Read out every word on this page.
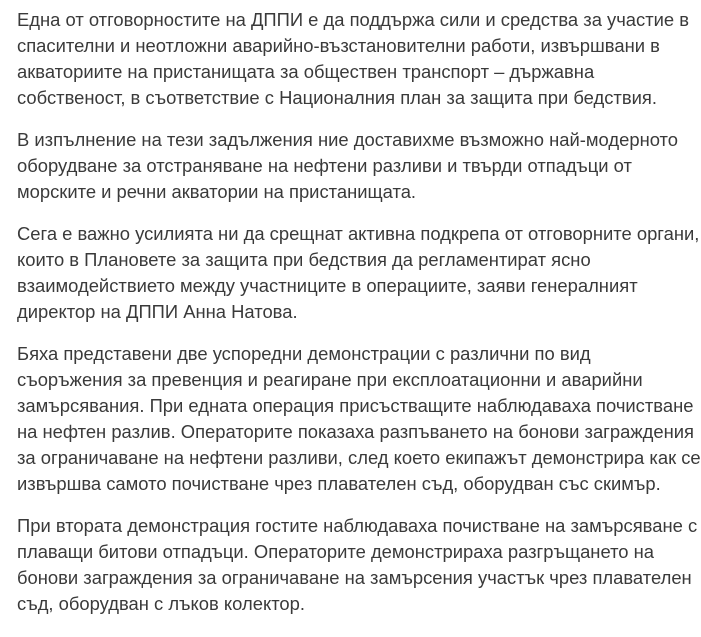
Една от отговорностите на ДППИ е да поддържа сили и средства за участие в спасителни и неотложни аварийно-възстановителни работи, извършвани в акваториите на пристанищата за обществен транспорт – държавна собственост, в съответствие с Националния план за защита при бедствия.

В изпълнение на тези задължения ние доставихме възможно най-модерното оборудване за отстраняване на нефтени разливи и твърди отпадъци от морските и речни акватории на пристанищата.

Сега е важно усилията ни да срещнат активна подкрепа от отговорните органи, които в Плановете за защита при бедствия да регламентират ясно взаимодействието между участниците в операциите, заяви генералният директор на ДППИ Анна Натова.

Бяха представени две успоредни демонстрации с различни по вид съоръжения за превенция и реагиране при експлоатационни и аварийни замърсявания. При едната операция присъстващите наблюдаваха почистване на нефтен разлив. Операторите показаха разпъването на бонови заграждения за ограничаване на нефтени разливи, след което екипажът демонстрира как се извършва самото почистване чрез плавателен съд, оборудван със скимър.

При втората демонстрация гостите наблюдаваха почистване на замърсяване с плаващи битови отпадъци. Операторите демонстрираха разгръщането на бонови заграждения за ограничаване на замърсения участък чрез плавателен съд, оборудван с лъков колектор.
